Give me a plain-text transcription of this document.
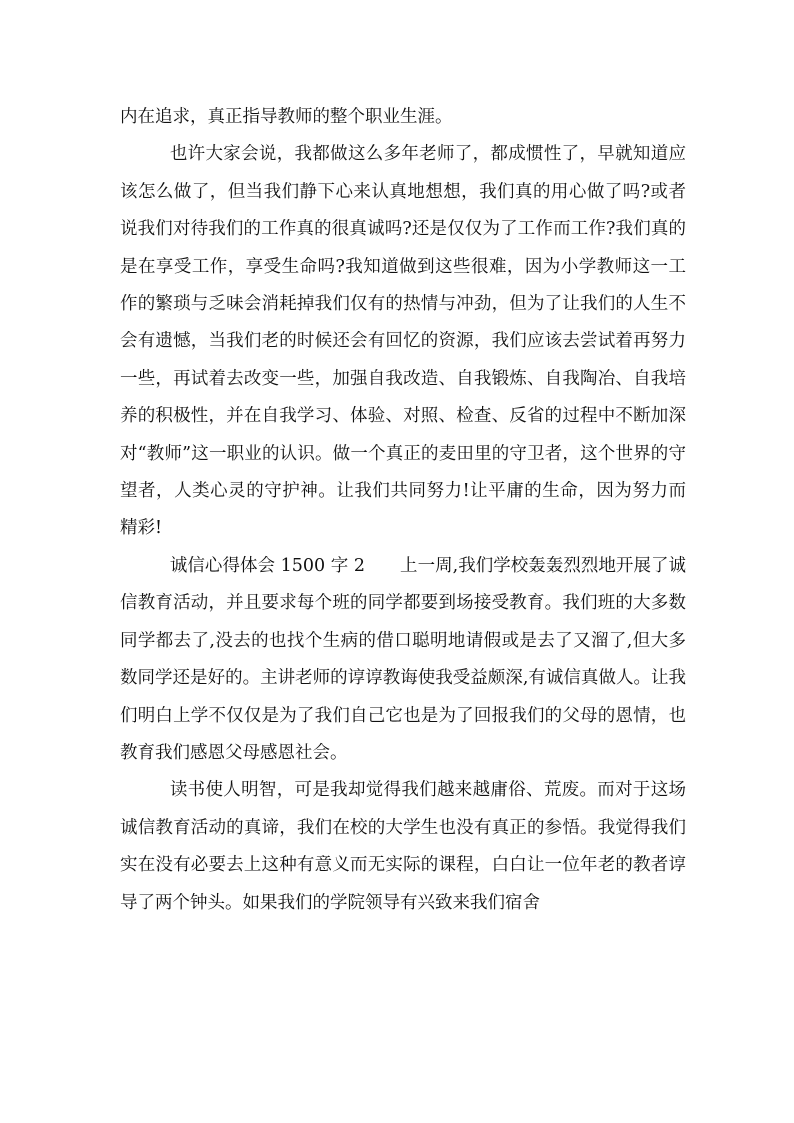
内在追求，真正指导教师的整个职业生涯。

也许大家会说，我都做这么多年老师了，都成惯性了，早就知道应该怎么做了，但当我们静下心来认真地想想，我们真的用心做了吗?或者说我们对待我们的工作真的很真诚吗?还是仅仅为了工作而工作?我们真的是在享受工作，享受生命吗?我知道做到这些很难，因为小学教师这一工作的繁琐与乏味会消耗掉我们仅有的热情与冲劲，但为了让我们的人生不会有遗憾，当我们老的时候还会有回忆的资源，我们应该去尝试着再努力一些，再试着去改变一些，加强自我改造、自我锻炼、自我陶冶、自我培养的积极性，并在自我学习、体验、对照、检查、反省的过程中不断加深对“教师”这一职业的认识。做一个真正的麦田里的守卫者，这个世界的守望者，人类心灵的守护神。让我们共同努力!让平庸的生命，因为努力而精彩!

诚信心得体会 1500 字 2　　上一周,我们学校轰轰烈烈地开展了诚信教育活动，并且要求每个班的同学都要到场接受教育。我们班的大多数同学都去了,没去的也找个生病的借口聪明地请假或是去了又溜了,但大多数同学还是好的。主讲老师的谆谆教诲使我受益颇深,有诚信真做人。让我们明白上学不仅仅是为了我们自己它也是为了回报我们的父母的恩情，也教育我们感恩父母感恩社会。

读书使人明智，可是我却觉得我们越来越庸俗、荒废。而对于这场诚信教育活动的真谛，我们在校的大学生也没有真正的参悟。我觉得我们实在没有必要去上这种有意义而无实际的课程，白白让一位年老的教者谆导了两个钟头。如果我们的学院领导有兴致来我们宿舍
